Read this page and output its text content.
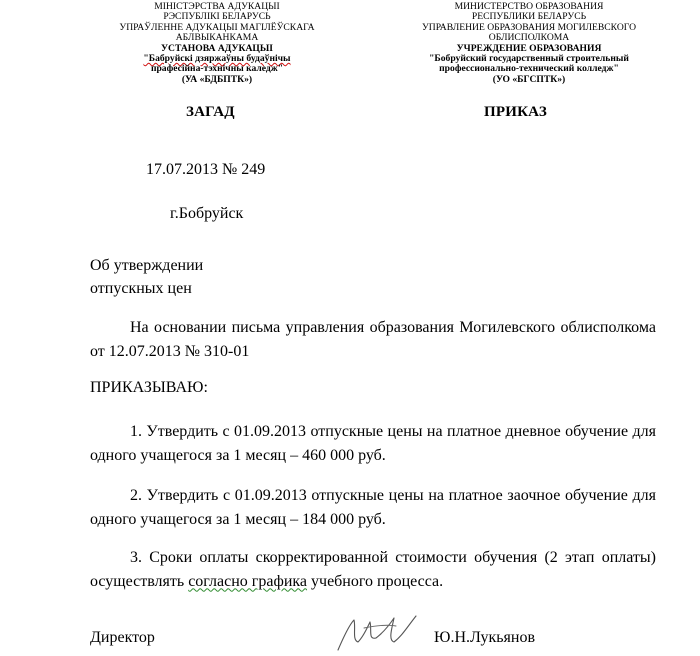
МІНІСТЭРСТВА АДУКАЦЫІ
РЭСПУБЛІКІ БЕЛАРУСЬ
УПРАЎЛЕННЕ АДУКАЦЫІ МАГІЛЁЎСКАГА
АБЛВЫКАНКАМА
УСТАНОВА АДУКАЦЫІ
"Бабруйскі дзяржаўны будаўнічы
прафесійна-тэхнічны каледж"
(УА «БДБПТК»)
МИНИСТЕРСТВО ОБРАЗОВАНИЯ
РЕСПУБЛИКИ БЕЛАРУСЬ
УПРАВЛЕНИЕ ОБРАЗОВАНИЯ МОГИЛЕВСКОГО
ОБЛИСПОЛКОМА
УЧРЕЖДЕНИЕ ОБРАЗОВАНИЯ
"Бобруйский государственный строительный
профессионально-технический колледж"
(УО «БГСПТК»)
ЗАГАД	ПРИКАЗ
17.07.2013 № 249
г.Бобруйск
Об утверждении
отпускных цен
На основании письма управления образования Могилевского облисполкома от 12.07.2013 № 310-01
ПРИКАЗЫВАЮ:
1. Утвердить с 01.09.2013 отпускные цены на платное дневное обучение для одного учащегося за 1 месяц – 460 000 руб.
2. Утвердить с 01.09.2013 отпускные цены на платное заочное обучение для одного учащегося за 1 месяц – 184 000 руб.
3. Сроки оплаты скорректированной стоимости обучения (2 этап оплаты) осуществлять согласно графика учебного процесса.
Директор	Ю.Н.Лукьянов
